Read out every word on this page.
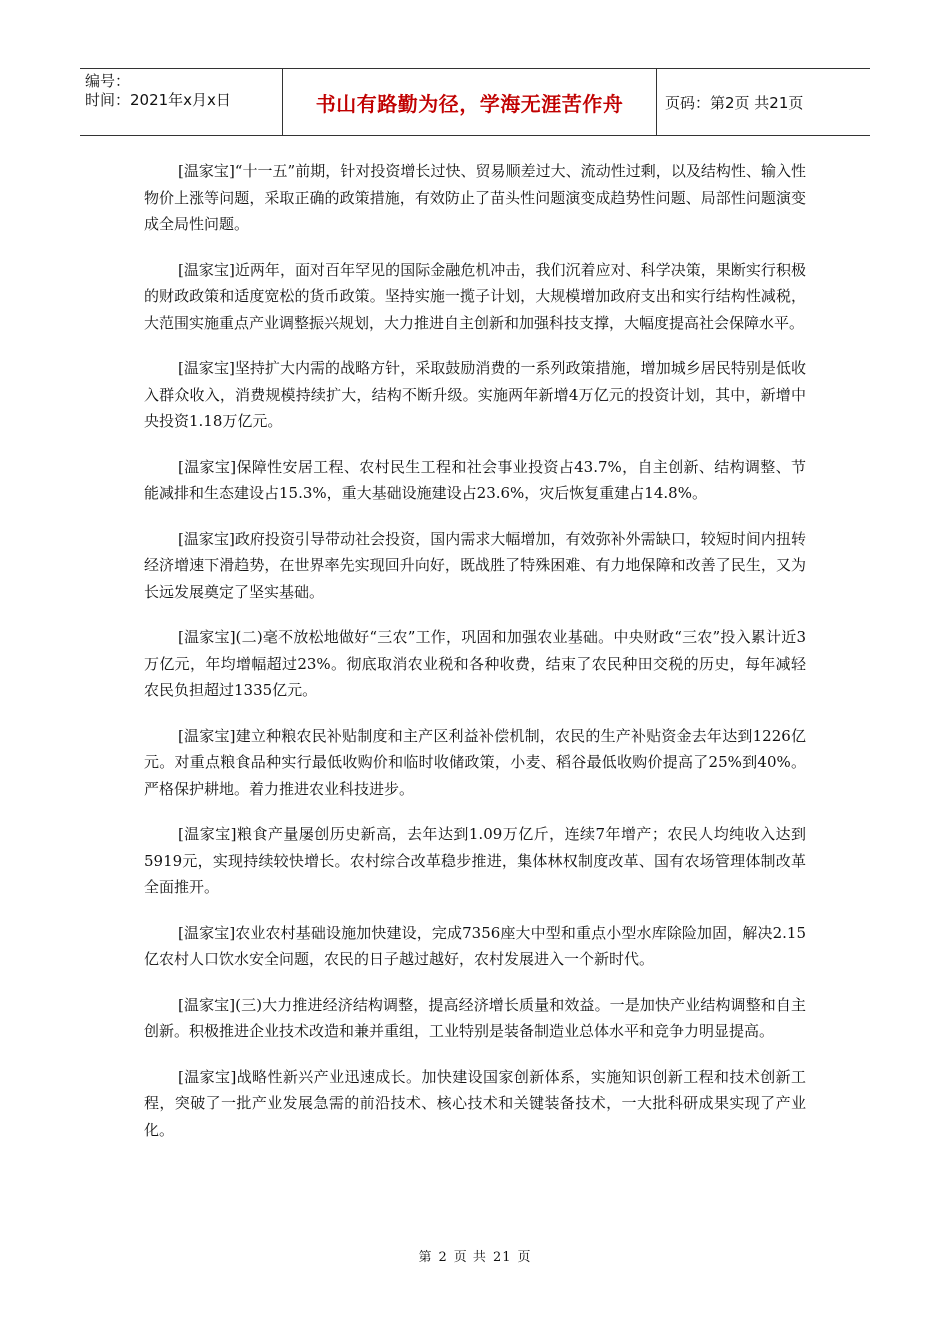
编号：
时间：2021年x月x日	书山有路勤为径，学海无涯苦作舟	页码：第2页 共21页

[温家宝]“十一五”前期，针对投资增长过快、贸易顺差过大、流动性过剩，以及结构性、输入性物价上涨等问题，采取正确的政策措施，有效防止了苗头性问题演变成趋势性问题、局部性问题演变成全局性问题。

[温家宝]近两年，面对百年罕见的国际金融危机冲击，我们沉着应对、科学决策，果断实行积极的财政政策和适度宽松的货币政策。坚持实施一揽子计划，大规模增加政府支出和实行结构性减税，大范围实施重点产业调整振兴规划，大力推进自主创新和加强科技支撑，大幅度提高社会保障水平。

[温家宝]坚持扩大内需的战略方针，采取鼓励消费的一系列政策措施，增加城乡居民特别是低收入群众收入，消费规模持续扩大，结构不断升级。实施两年新增4万亿元的投资计划，其中，新增中央投资1.18万亿元。

[温家宝]保障性安居工程、农村民生工程和社会事业投资占43.7%，自主创新、结构调整、节能减排和生态建设占15.3%，重大基础设施建设占23.6%，灾后恢复重建占14.8%。

[温家宝]政府投资引导带动社会投资，国内需求大幅增加，有效弥补外需缺口，较短时间内扭转经济增速下滑趋势，在世界率先实现回升向好，既战胜了特殊困难、有力地保障和改善了民生，又为长远发展奠定了坚实基础。

[温家宝](二)毫不放松地做好“三农”工作，巩固和加强农业基础。中央财政“三农”投入累计近3万亿元，年均增幅超过23%。彻底取消农业税和各种收费，结束了农民种田交税的历史，每年减轻农民负担超过1335亿元。

[温家宝]建立种粮农民补贴制度和主产区利益补偿机制，农民的生产补贴资金去年达到1226亿元。对重点粮食品种实行最低收购价和临时收储政策，小麦、稻谷最低收购价提高了25%到40%。严格保护耕地。着力推进农业科技进步。

[温家宝]粮食产量屡创历史新高，去年达到1.09万亿斤，连续7年增产；农民人均纯收入达到5919元，实现持续较快增长。农村综合改革稳步推进，集体林权制度改革、国有农场管理体制改革全面推开。

[温家宝]农业农村基础设施加快建设，完成7356座大中型和重点小型水库除险加固，解决2.15亿农村人口饮水安全问题，农民的日子越过越好，农村发展进入一个新时代。

[温家宝](三)大力推进经济结构调整，提高经济增长质量和效益。一是加快产业结构调整和自主创新。积极推进企业技术改造和兼并重组，工业特别是装备制造业总体水平和竞争力明显提高。

[温家宝]战略性新兴产业迅速成长。加快建设国家创新体系，实施知识创新工程和技术创新工程，突破了一批产业发展急需的前沿技术、核心技术和关键装备技术，一大批科研成果实现了产业化。

第 2 页 共 21 页
